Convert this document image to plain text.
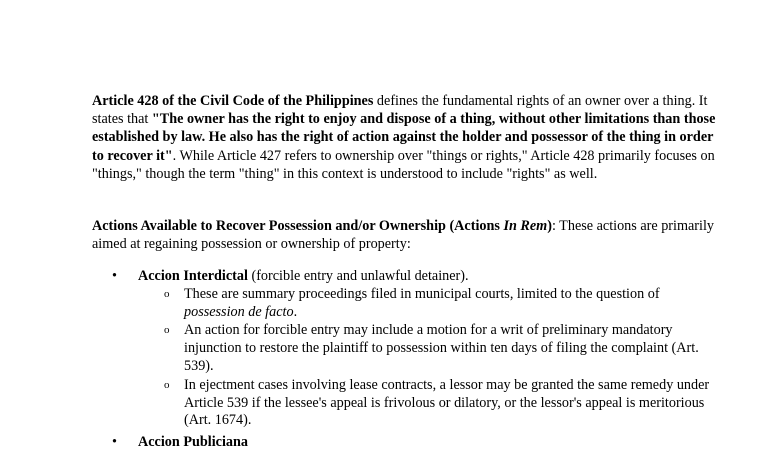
Article 428 of the Civil Code of the Philippines defines the fundamental rights of an owner over a thing. It states that "The owner has the right to enjoy and dispose of a thing, without other limitations than those established by law. He also has the right of action against the holder and possessor of the thing in order to recover it". While Article 427 refers to ownership over "things or rights," Article 428 primarily focuses on "things," though the term "thing" in this context is understood to include "rights" as well.

Actions Available to Recover Possession and/or Ownership (Actions In Rem): These actions are primarily aimed at regaining possession or ownership of property:

• Accion Interdictal (forcible entry and unlawful detainer).
o These are summary proceedings filed in municipal courts, limited to the question of possession de facto.
o An action for forcible entry may include a motion for a writ of preliminary mandatory injunction to restore the plaintiff to possession within ten days of filing the complaint (Art. 539).
o In ejectment cases involving lease contracts, a lessor may be granted the same remedy under Article 539 if the lessee's appeal is frivolous or dilatory, or the lessor's appeal is meritorious (Art. 1674).
• Accion Publiciana
